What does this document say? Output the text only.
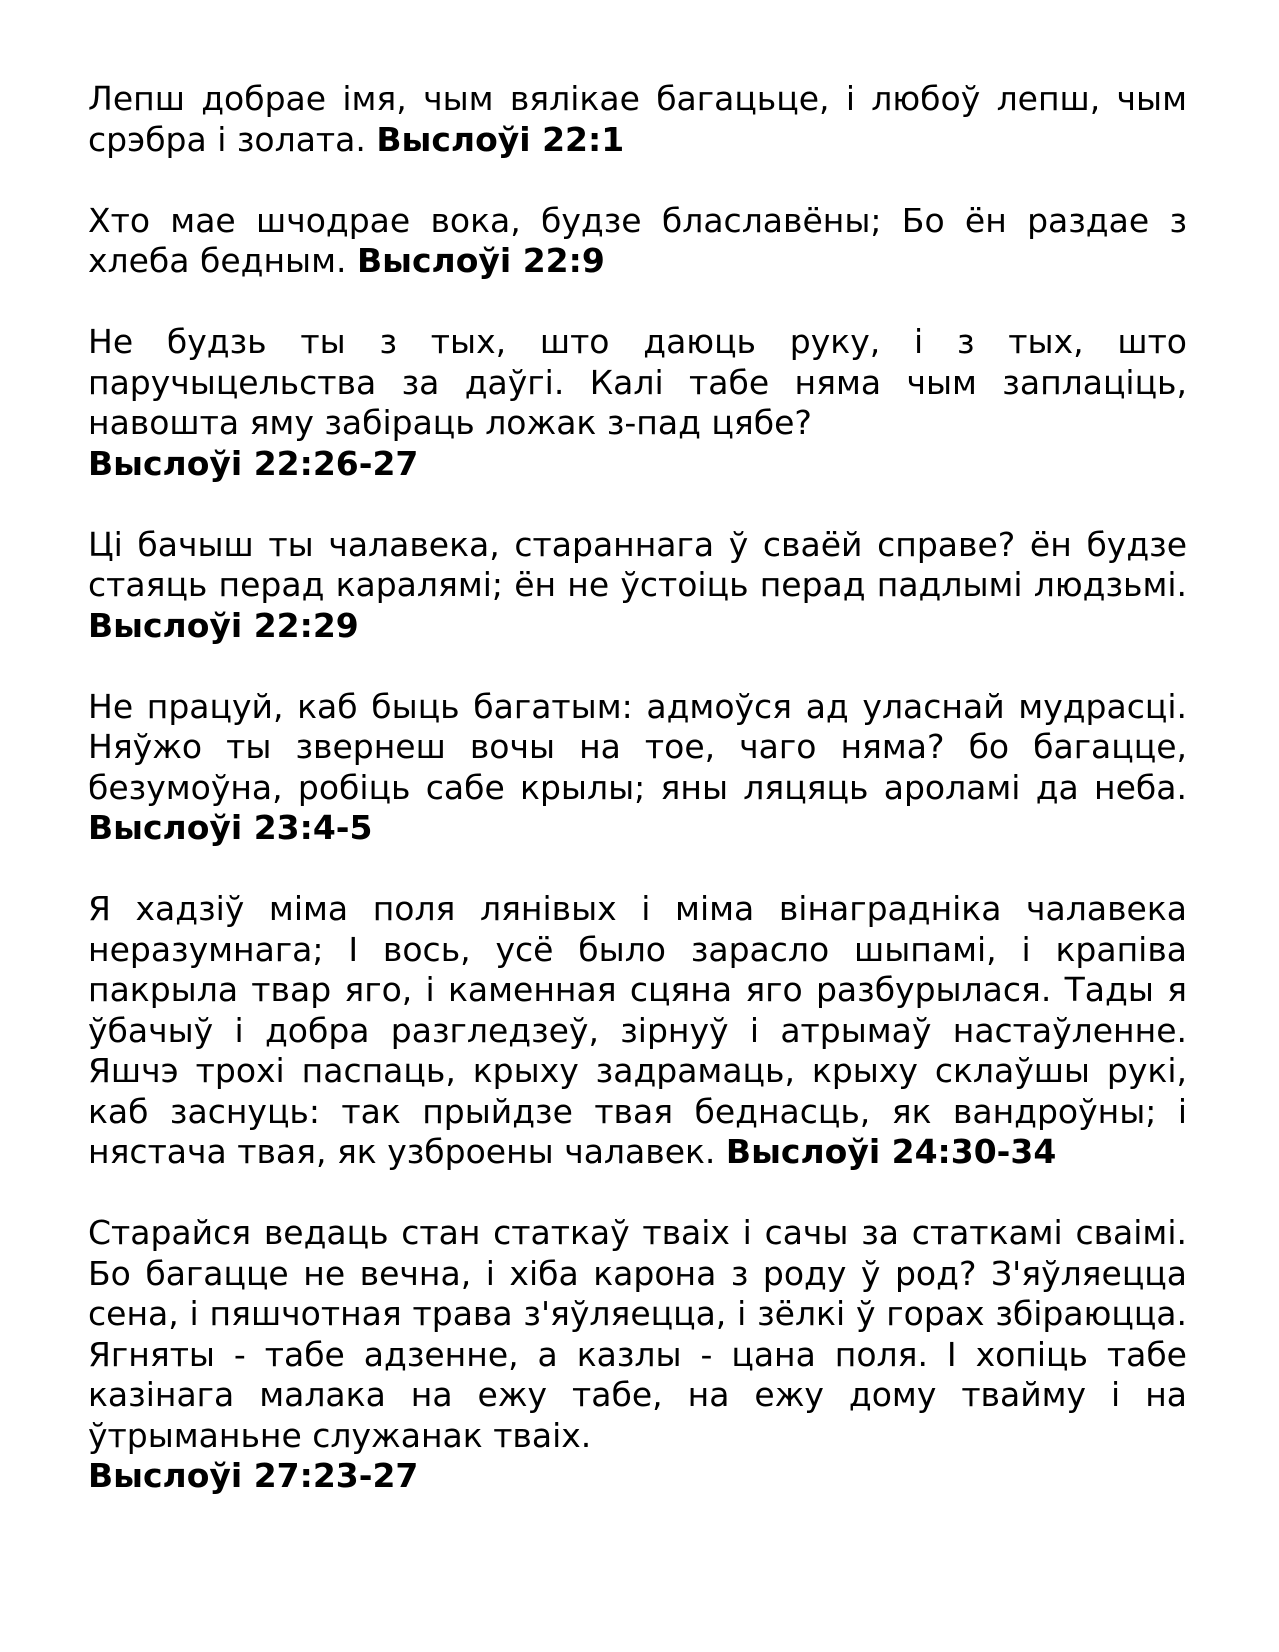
Лепш добрае імя, чым вялікае багацьце, і любоў лепш, чым срэбра і золата. Выслоўі 22:1

Хто мае шчодрае вока, будзе блаславёны; Бо ён раздае з хлеба бедным. Выслоўі 22:9

Не будзь ты з тых, што даюць руку, і з тых, што паручыцельства за даўгі. Калі табе няма чым заплаціць, навошта яму забіраць ложак з-пад цябе?
Выслоўі 22:26-27

Ці бачыш ты чалавека, стараннага ў сваёй справе? ён будзе стаяць перад каралямі; ён не ўстоіць перад падлымі людзьмі. Выслоўі 22:29

Не працуй, каб быць багатым: адмоўся ад уласнай мудрасці. Няўжо ты звернеш вочы на тое, чаго няма? бо багацце, безумоўна, робіць сабе крылы; яны ляцяць aрoлaмi да неба. Выслоўі 23:4-5

Я хадзіў міма поля лянівых і міма вінаградніка чалавека неразумнага; І вось, усё было зарасло шыпамі, і крапіва пакрыла твар яго, і каменная сцяна яго разбурылася. Тады я ўбачыў і добра разгледзеў, зірнуў і атрымаў настаўленне. Яшчэ трохі паспаць, крыху задрамаць, крыху склаўшы рукі, каб заснуць: так прыйдзе твая беднасць, як вандроўны; і нястача твая, як узброены чалавек. Выслоўі 24:30-34

Старайся ведаць стан статкаў тваіх і сачы за статкамі сваімі. Бо багацце не вечна, і хіба карона з роду ў род? З'яўляецца сена, і пяшчотная трава з'яўляецца, і зёлкі ў горах збіраюцца. Ягняты - табе адзенне, а казлы - цана поля. І хопіць табе казінага малака на ежу табе, на ежу дому твайму і на ўтрыманьне служанак тваіх.
Выслоўі 27:23-27
